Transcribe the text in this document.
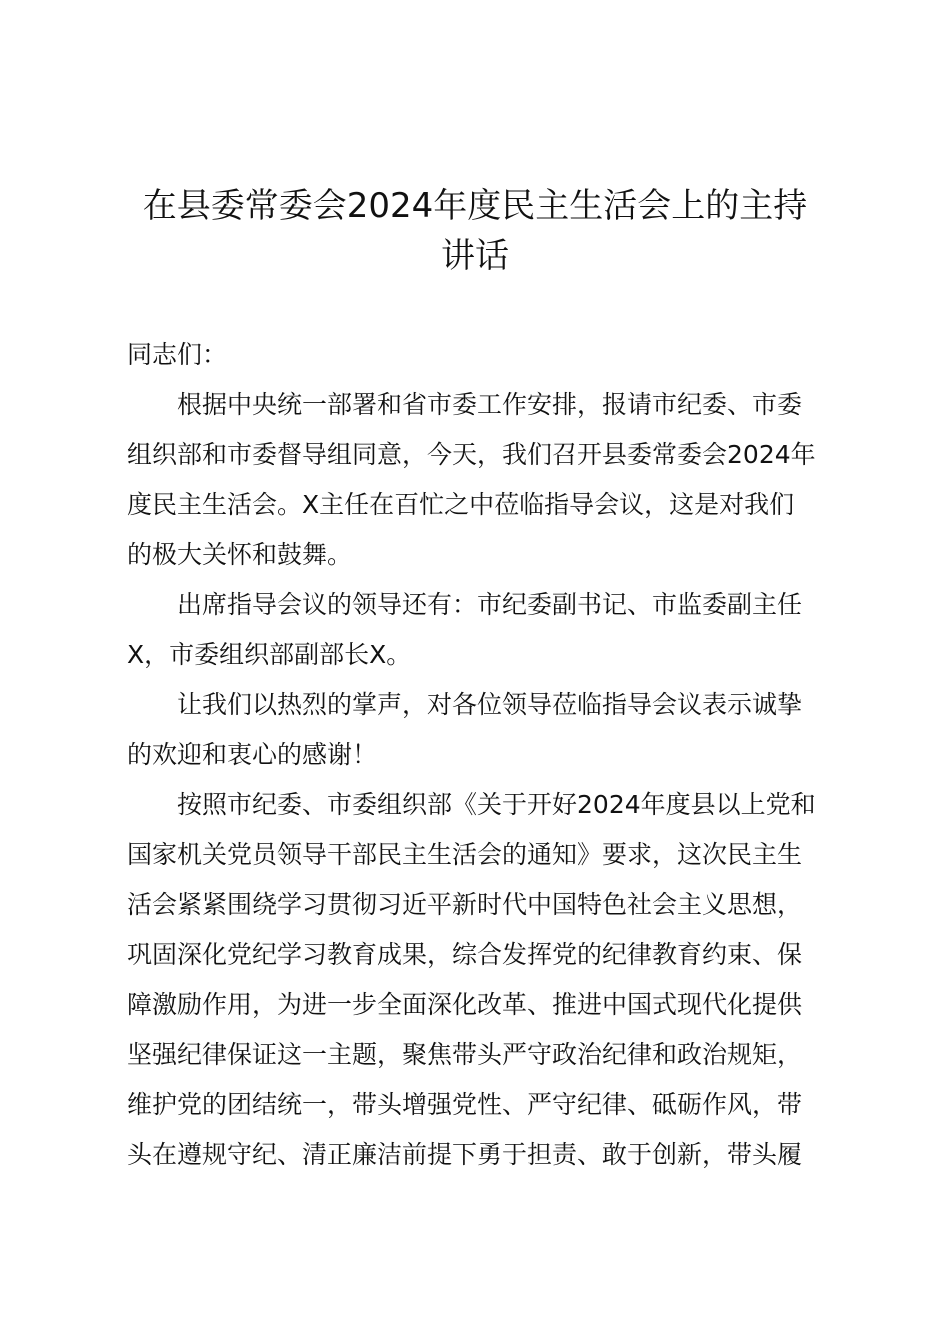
在县委常委会2024年度民主生活会上的主持
讲话

同志们：

　　根据中央统一部署和省市委工作安排，报请市纪委、市委

组织部和市委督导组同意，今天，我们召开县委常委会2024年

度民主生活会。X主任在百忙之中莅临指导会议，这是对我们

的极大关怀和鼓舞。

　　出席指导会议的领导还有：市纪委副书记、市监委副主任

X，市委组织部副部长X。

　　让我们以热烈的掌声，对各位领导莅临指导会议表示诚挚

的欢迎和衷心的感谢！

　　按照市纪委、市委组织部《关于开好2024年度县以上党和

国家机关党员领导干部民主生活会的通知》要求，这次民主生

活会紧紧围绕学习贯彻习近平新时代中国特色社会主义思想，

巩固深化党纪学习教育成果，综合发挥党的纪律教育约束、保

障激励作用，为进一步全面深化改革、推进中国式现代化提供

坚强纪律保证这一主题，聚焦带头严守政治纪律和政治规矩，

维护党的团结统一，带头增强党性、严守纪律、砥砺作风，带

头在遵规守纪、清正廉洁前提下勇于担责、敢于创新，带头履
